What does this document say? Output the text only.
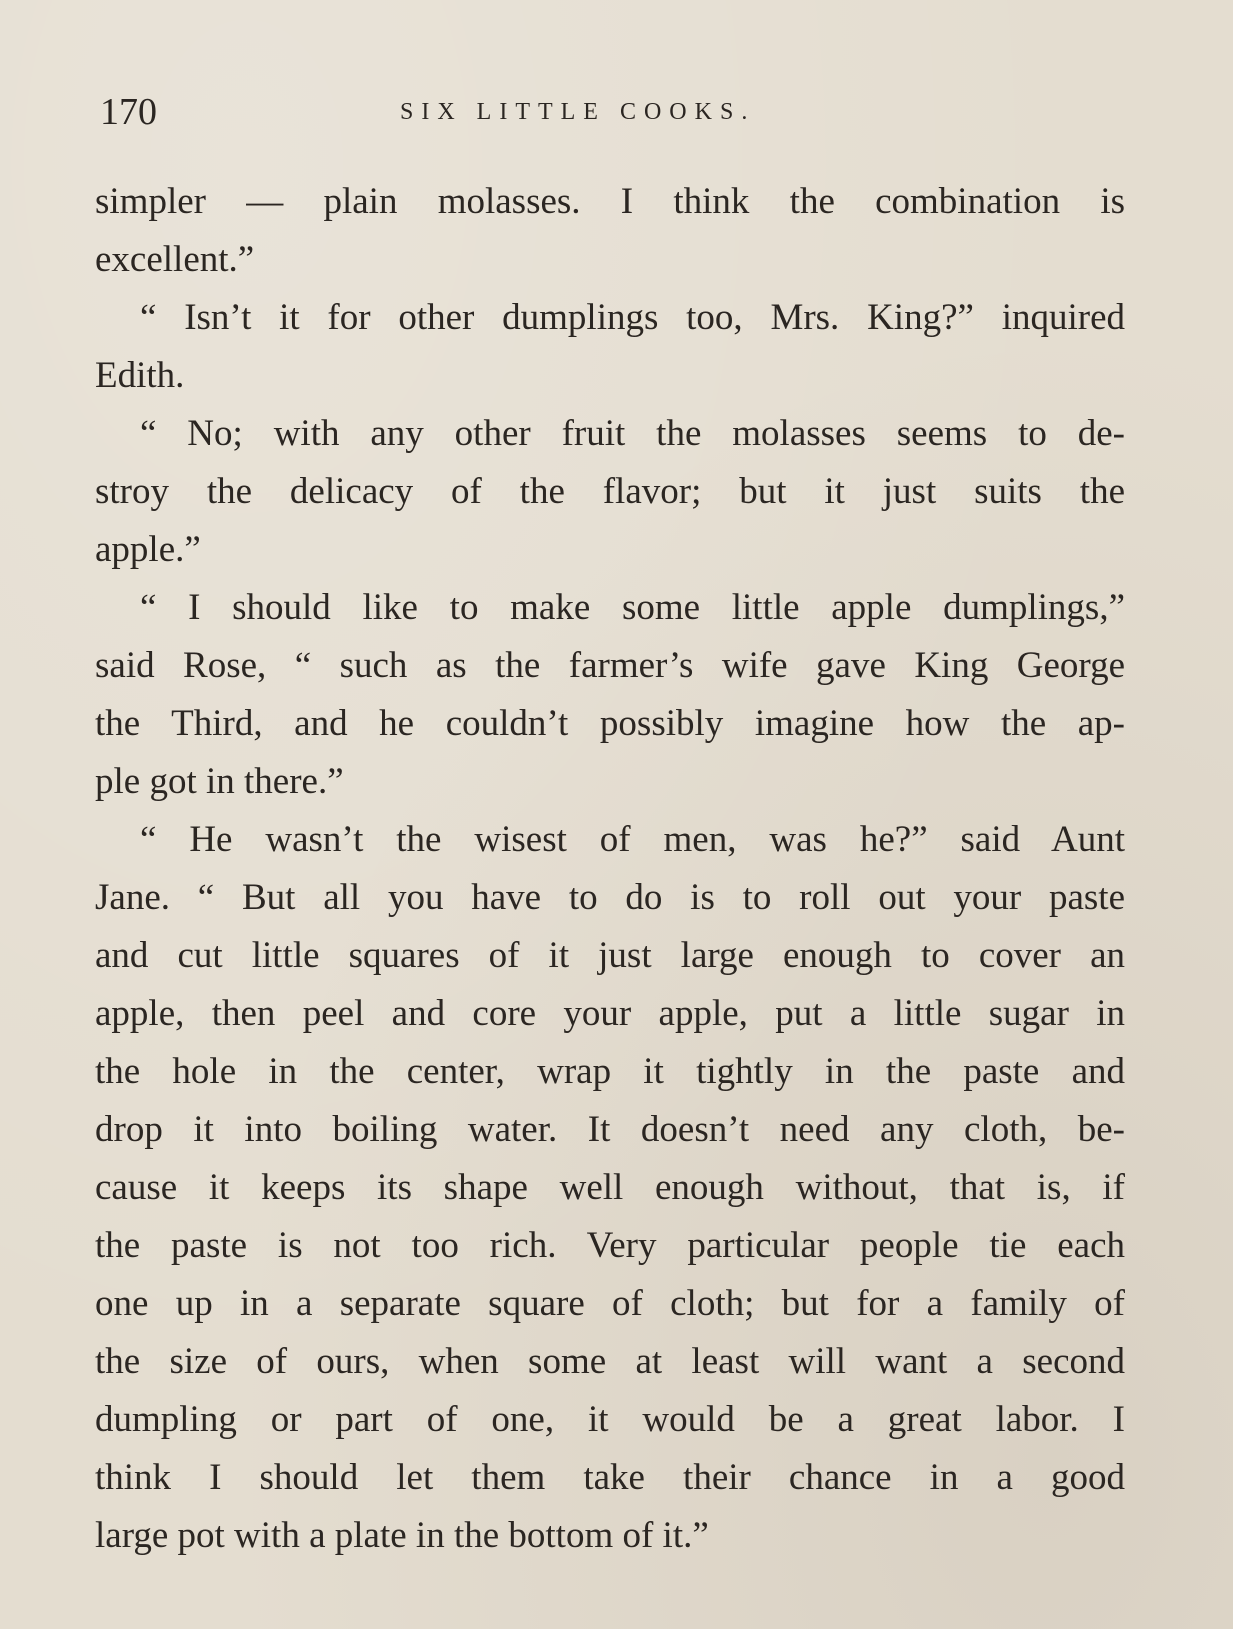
170	SIX LITTLE COOKS.
simpler — plain molasses. I think the combination is
excellent.”
“ Isn’t it for other dumplings too, Mrs. King?” inquired
Edith.
“ No; with any other fruit the molasses seems to de-
stroy the delicacy of the flavor; but it just suits the
apple.”
“ I should like to make some little apple dumplings,”
said Rose, “ such as the farmer’s wife gave King George
the Third, and he couldn’t possibly imagine how the ap-
ple got in there.”
“ He wasn’t the wisest of men, was he?” said Aunt
Jane. “ But all you have to do is to roll out your paste
and cut little squares of it just large enough to cover an
apple, then peel and core your apple, put a little sugar in
the hole in the center, wrap it tightly in the paste and
drop it into boiling water. It doesn’t need any cloth, be-
cause it keeps its shape well enough without, that is, if
the paste is not too rich. Very particular people tie each
one up in a separate square of cloth; but for a family of
the size of ours, when some at least will want a second
dumpling or part of one, it would be a great labor. I
think I should let them take their chance in a good
large pot with a plate in the bottom of it.”
